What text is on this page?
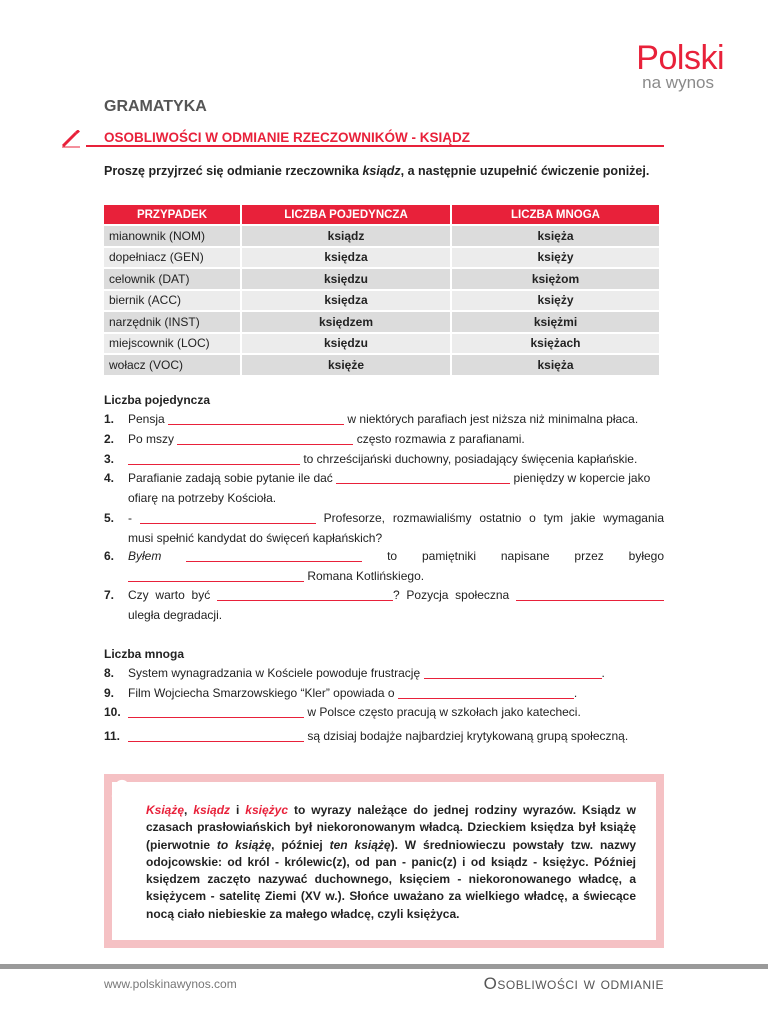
Polski
na wynos
GRAMATYKA
OSOBLIWOŚCI W ODMIANIE RZECZOWNIKÓW - KSIĄDZ
Proszę przyjrzeć się odmianie rzeczownika ksiądz, a następnie uzupełnić ćwiczenie poniżej.
PRZYPADEK	LICZBA POJEDYNCZA	LICZBA MNOGA
mianownik (NOM)	ksiądz	księża
dopełniacz (GEN)	księdza	księży
celownik (DAT)	księdzu	księżom
biernik (ACC)	księdza	księży
narzędnik (INST)	księdzem	księżmi
miejscownik (LOC)	księdzu	księżach
wołacz (VOC)	księże	księża
Liczba pojedyncza
1.	Pensja	w niektórych parafiach jest niższa niż minimalna płaca.
2.	Po mszy	często rozmawia z parafianami.
3.	to chrześcijański duchowny, posiadający święcenia kapłańskie.
4.	Parafianie zadają sobie pytanie ile dać	pieniędzy w kopercie jako
ofiarę na potrzeby Kościoła.
5.	-	Profesorze, rozmawialiśmy ostatnio o tym jakie wymagania
musi spełnić kandydat do święceń kapłańskich?
6.	Byłem	to pamiętniki napisane przez byłego
Romana Kotlińskiego.
7.	Czy warto być	? Pozycja społeczna
uległa degradacji.
Liczba mnoga
8.	System wynagradzania w Kościele powoduje frustrację	.
9.	Film Wojciecha Smarzowskiego “Kler” opowiada o	.
10.	w Polsce często pracują w szkołach jako katecheci.
11.	są dzisiaj bodajże najbardziej krytykowaną grupą społeczną.
Książę, ksiądz i księżyc to wyrazy należące do jednej rodziny wyrazów. Ksiądz w czasach prasłowiańskich był niekoronowanym władcą. Dzieckiem księdza był książę (pierwotnie to książę, później ten książę). W średniowieczu powstały tzw. nazwy odojcowskie: od król - królewic(z), od pan - panic(z) i od ksiądz - księżyc. Później księdzem zaczęto nazywać duchownego, księciem - niekoronowanego władcę, a księżycem - satelitę Ziemi (XV w.). Słońce uważano za wielkiego władcę, a świecące nocą ciało niebieskie za małego władcę, czyli księżyca.
www.polskinawynos.com	Osobliwości w odmianie
